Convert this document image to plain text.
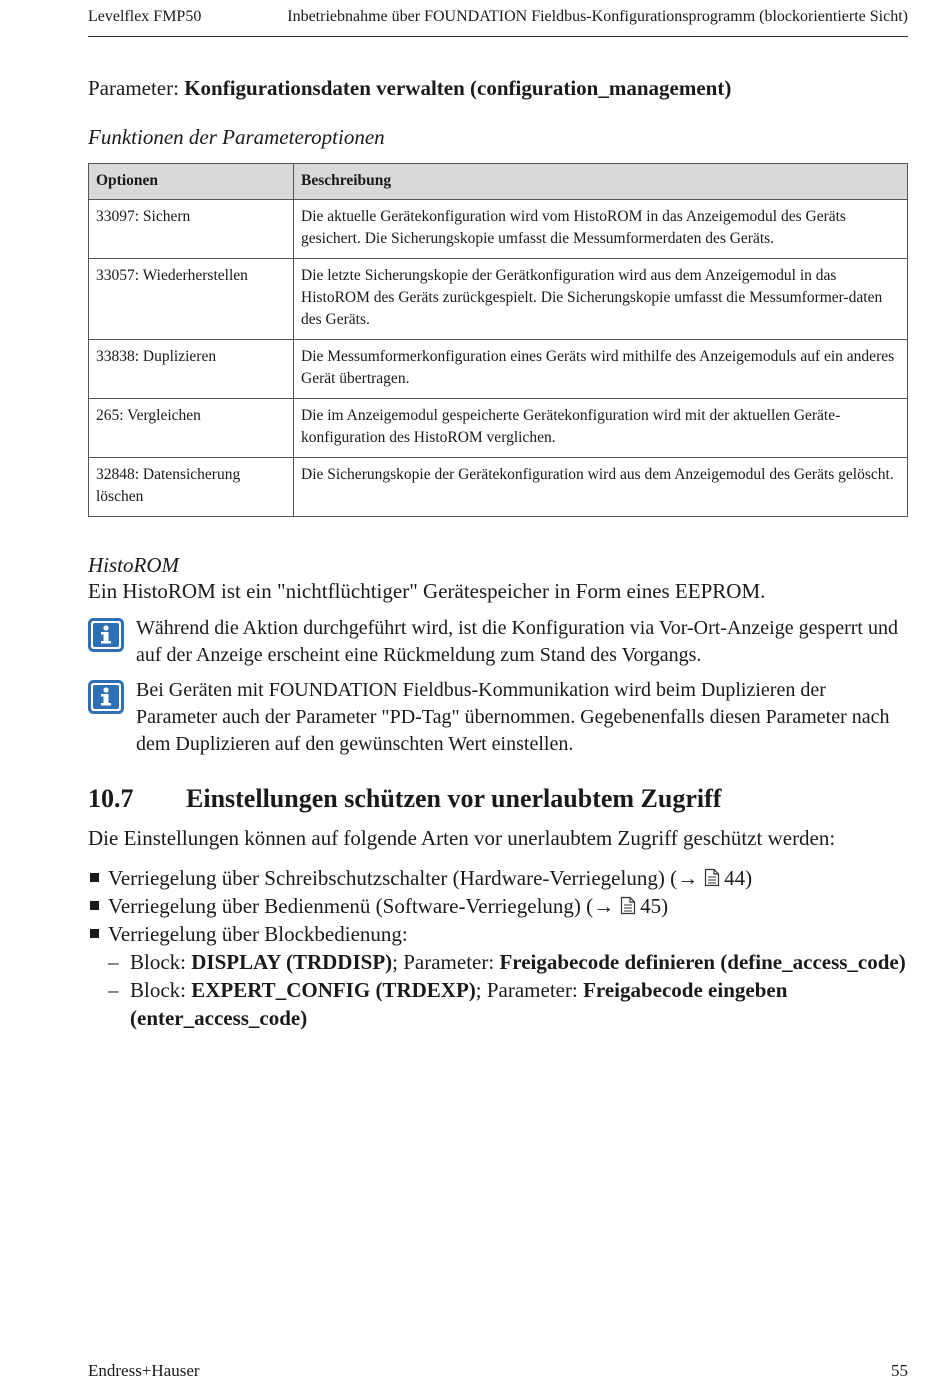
Levelflex FMP50	Inbetriebnahme über FOUNDATION Fieldbus-Konfigurationsprogramm (blockorientierte Sicht)
Parameter: Konfigurationsdaten verwalten (configuration_management)
Funktionen der Parameteroptionen
Optionen	Beschreibung
33097: Sichern	Die aktuelle Gerätekonfiguration wird vom HistoROM in das Anzeigemodul des Geräts gesichert. Die Sicherungskopie umfasst die Messumformerdaten des Geräts.
33057: Wiederherstellen	Die letzte Sicherungskopie der Gerätkonfiguration wird aus dem Anzeigemodul in das HistoROM des Geräts zurückgespielt. Die Sicherungskopie umfasst die Messumformer-daten des Geräts.
33838: Duplizieren	Die Messumformerkonfiguration eines Geräts wird mithilfe des Anzeigemoduls auf ein anderes Gerät übertragen.
265: Vergleichen	Die im Anzeigemodul gespeicherte Gerätekonfiguration wird mit der aktuellen Geräte-konfiguration des HistoROM verglichen.
32848: Datensicherung löschen	Die Sicherungskopie der Gerätekonfiguration wird aus dem Anzeigemodul des Geräts gelöscht.
HistoROM
Ein HistoROM ist ein "nichtflüchtiger" Gerätespeicher in Form eines EEPROM.
Während die Aktion durchgeführt wird, ist die Konfiguration via Vor-Ort-Anzeige gesperrt und auf der Anzeige erscheint eine Rückmeldung zum Stand des Vorgangs.
Bei Geräten mit FOUNDATION Fieldbus-Kommunikation wird beim Duplizieren der Parameter auch der Parameter "PD-Tag" übernommen. Gegebenenfalls diesen Parameter nach dem Duplizieren auf den gewünschten Wert einstellen.
10.7 Einstellungen schützen vor unerlaubtem Zugriff
Die Einstellungen können auf folgende Arten vor unerlaubtem Zugriff geschützt werden:
Verriegelung über Schreibschutzschalter (Hardware-Verriegelung) (→ 44)
Verriegelung über Bedienmenü (Software-Verriegelung) (→ 45)
Verriegelung über Blockbedienung:
– Block: DISPLAY (TRDDISP); Parameter: Freigabecode definieren (define_access_code)
– Block: EXPERT_CONFIG (TRDEXP); Parameter: Freigabecode eingeben (enter_access_code)
Endress+Hauser	55
